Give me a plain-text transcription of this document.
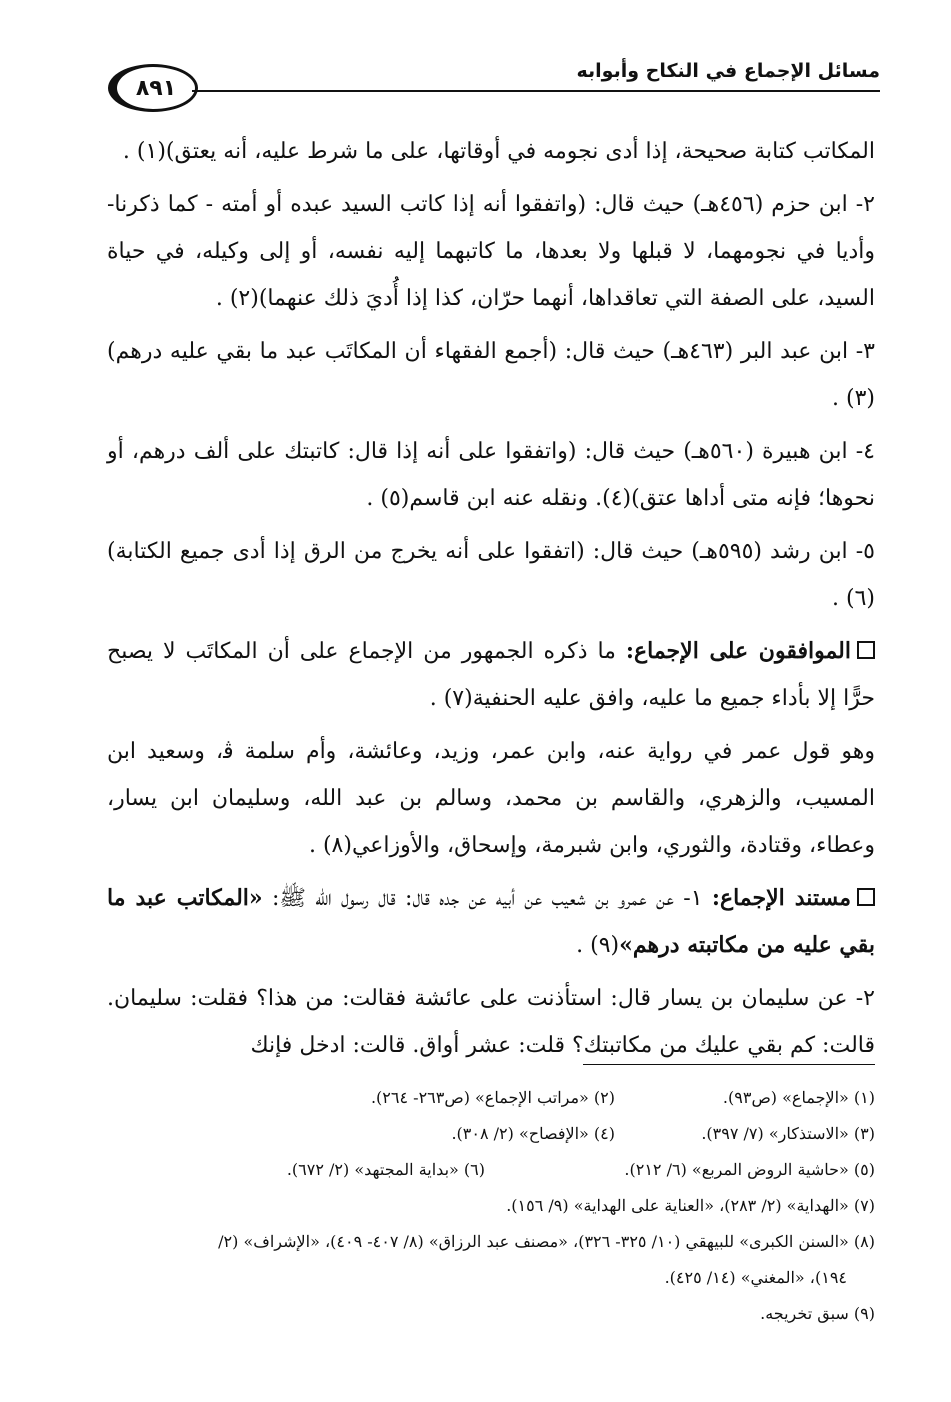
مسائل الإجماع في النكاح وأبوابه
٨٩١

المكاتب كتابة صحيحة، إذا أدى نجومه في أوقاتها، على ما شرط عليه، أنه يعتق)(١) .

٢- ابن حزم (٤٥٦هـ) حيث قال: (واتفقوا أنه إذا كاتب السيد عبده أو أمته - كما ذكرنا- وأديا في نجومهما، لا قبلها ولا بعدها، ما كاتبهما إليه نفسه، أو إلى وكيله، في حياة السيد، على الصفة التي تعاقداها، أنهما حرّان، كذا إذا أُديَ ذلك عنهما)(٢) .

٣- ابن عبد البر (٤٦٣هـ) حيث قال: (أجمع الفقهاء أن المكاتَب عبد ما بقي عليه درهم)(٣) .

٤- ابن هبيرة (٥٦٠هـ) حيث قال: (واتفقوا على أنه إذا قال: كاتبتك على ألف درهم، أو نحوها؛ فإنه متى أداها عتق)(٤). ونقله عنه ابن قاسم(٥) .

٥- ابن رشد (٥٩٥هـ) حيث قال: (اتفقوا على أنه يخرج من الرق إذا أدى جميع الكتابة)(٦) .

الموافقون على الإجماع: ما ذكره الجمهور من الإجماع على أن المكاتَب لا يصبح حرًّا إلا بأداء جميع ما عليه، وافق عليه الحنفية(٧) .

وهو قول عمر في رواية عنه، وابن عمر، وزيد، وعائشة، وأم سلمة ﭬ، وسعيد ابن المسيب، والزهري، والقاسم بن محمد، وسالم بن عبد الله، وسليمان ابن يسار، وعطاء، وقتادة، والثوري، وابن شبرمة، وإسحاق، والأوزاعي(٨) .

مستند الإجماع: ١- عن عمرو بن شعيب عن أبيه عن جده قال: قال رسول الله ﷺ: «المكاتب عبد ما بقي عليه من مكاتبته درهم»(٩) .

٢- عن سليمان بن يسار قال: استأذنت على عائشة فقالت: من هذا؟ فقلت: سليمان. قالت: كم بقي عليك من مكاتبتك؟ قلت: عشر أواق. قالت: ادخل فإنك

(١) «الإجماع» (ص٩٣).
(٢) «مراتب الإجماع» (ص٢٦٣- ٢٦٤).
(٣) «الاستذكار» (٧/ ٣٩٧).
(٤) «الإفصاح» (٢/ ٣٠٨).
(٥) «حاشية الروض المربع» (٦/ ٢١٢).
(٦) «بداية المجتهد» (٢/ ٦٧٢).
(٧) «الهداية» (٢/ ٢٨٣)، «العناية على الهداية» (٩/ ١٥٦).
(٨) «السنن الكبرى» للبيهقي (١٠/ ٣٢٥- ٣٢٦)، «مصنف عبد الرزاق» (٨/ ٤٠٧- ٤٠٩)، «الإشراف» (٢/
١٩٤)، «المغني» (١٤/ ٤٢٥).
(٩) سبق تخريجه.
